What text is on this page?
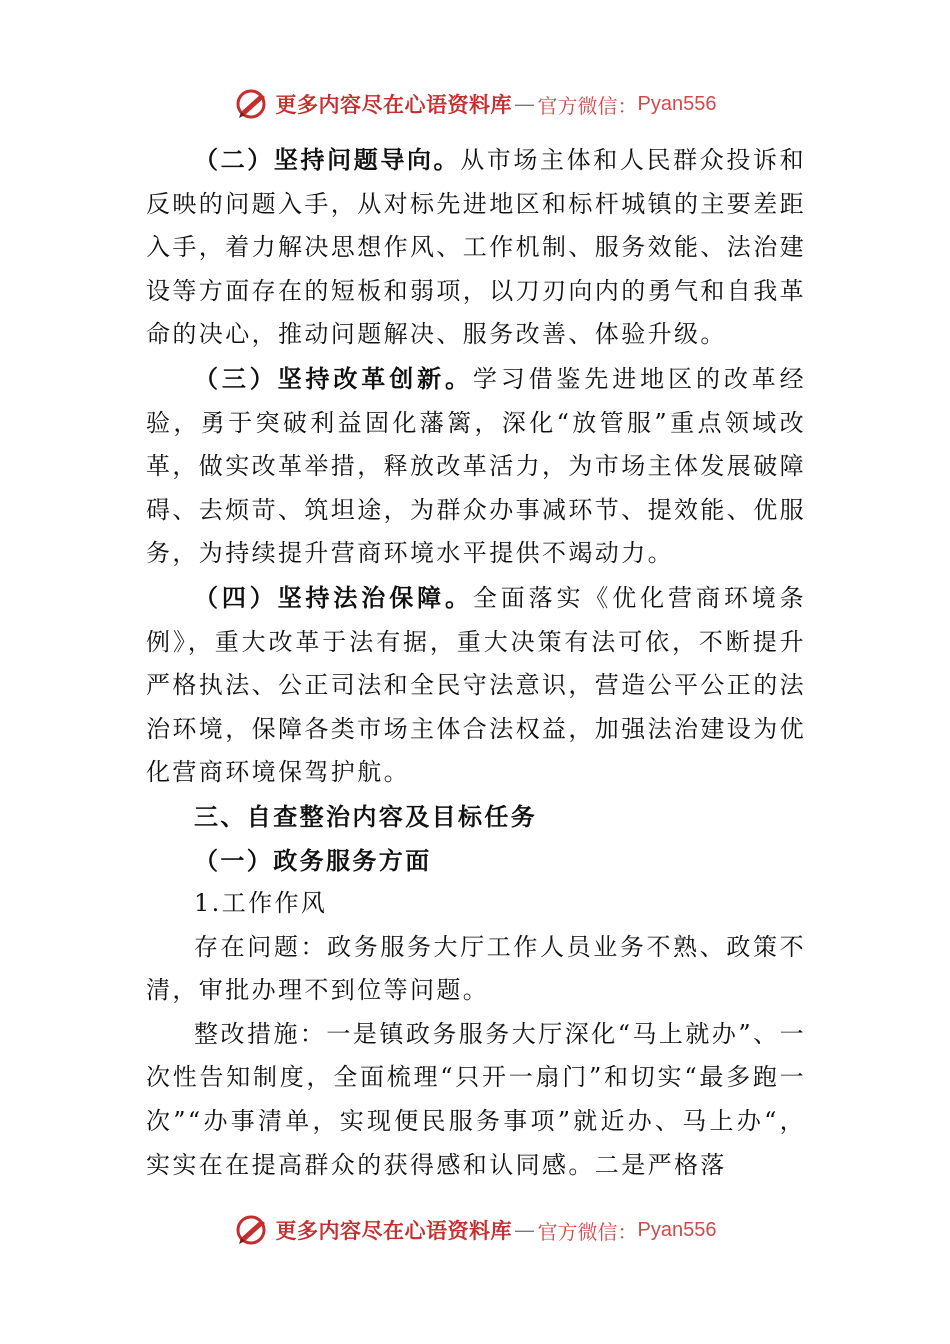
更多内容尽在心语资料库 — 官方微信： Pyan556

（二）坚持问题导向。从市场主体和人民群众投诉和反映的问题入手，从对标先进地区和标杆城镇的主要差距入手，着力解决思想作风、工作机制、服务效能、法治建设等方面存在的短板和弱项，以刀刃向内的勇气和自我革命的决心，推动问题解决、服务改善、体验升级。

（三）坚持改革创新。学习借鉴先进地区的改革经验，勇于突破利益固化藩篱，深化“放管服”重点领域改革，做实改革举措，释放改革活力，为市场主体发展破障碍、去烦苛、筑坦途，为群众办事减环节、提效能、优服务，为持续提升营商环境水平提供不竭动力。

（四）坚持法治保障。全面落实《优化营商环境条例》，重大改革于法有据，重大决策有法可依，不断提升严格执法、公正司法和全民守法意识，营造公平公正的法治环境，保障各类市场主体合法权益，加强法治建设为优化营商环境保驾护航。

三、自查整治内容及目标任务

（一）政务服务方面

1.工作作风

存在问题：政务服务大厅工作人员业务不熟、政策不清，审批办理不到位等问题。

整改措施：一是镇政务服务大厅深化“马上就办”、一次性告知制度，全面梳理“只开一扇门”和切实“最多跑一次”“办事清单，实现便民服务事项”就近办、马上办“，实实在在提高群众的获得感和认同感。二是严格落

更多内容尽在心语资料库 — 官方微信： Pyan556
